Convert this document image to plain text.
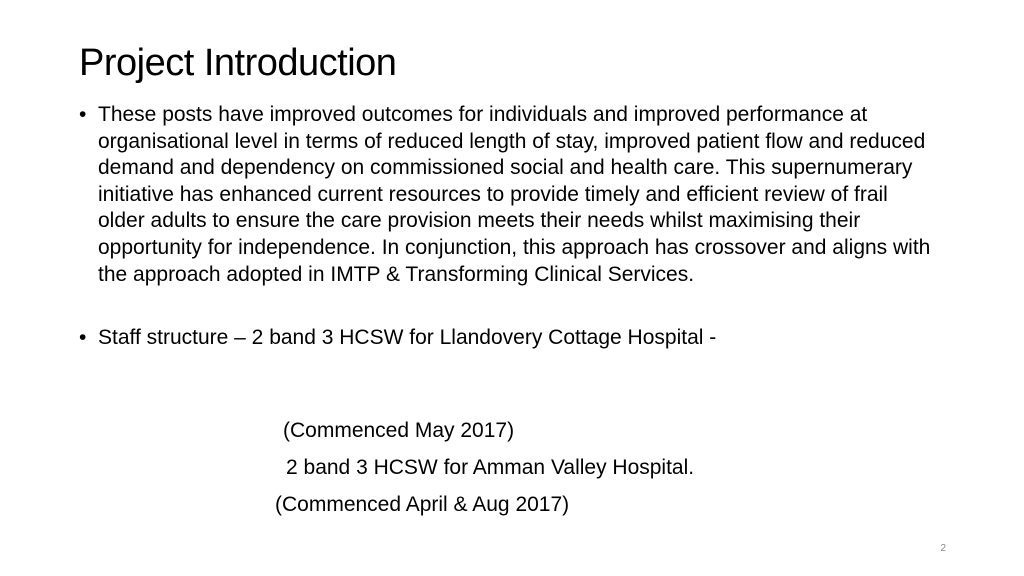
Project Introduction
• These posts have improved outcomes for individuals and improved performance at organisational level in terms of reduced length of stay, improved patient flow and reduced demand and dependency on commissioned social and health care. This supernumerary initiative has enhanced current resources to provide timely and efficient review of frail older adults to ensure the care provision meets their needs whilst maximising their opportunity for independence. In conjunction, this approach has crossover and aligns with the approach adopted in IMTP & Transforming Clinical Services.
• Staff structure – 2 band 3 HCSW for Llandovery Cottage Hospital -
(Commenced May 2017)
2 band 3 HCSW for Amman Valley Hospital.
(Commenced April & Aug 2017)
2
